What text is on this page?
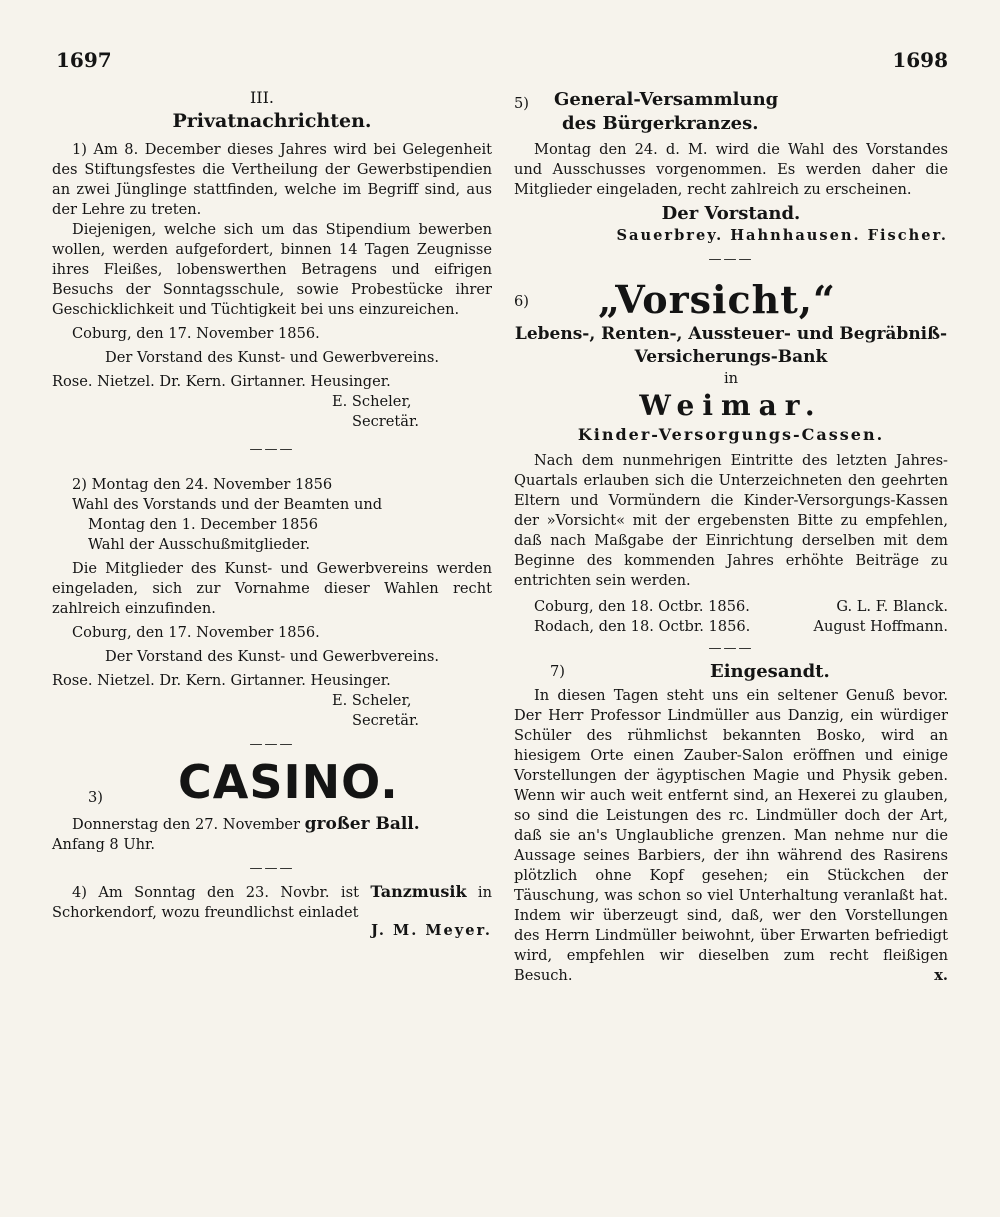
1697	1698

III.

Privatnachrichten.

1) Am 8. December dieses Jahres wird bei Gelegenheit des Stiftungsfestes die Vertheilung der Gewerbstipendien an zwei Jünglinge stattfinden, welche im Begriff sind, aus der Lehre zu treten.

Diejenigen, welche sich um das Stipendium bewerben wollen, werden aufgefordert, binnen 14 Tagen Zeugnisse ihres Fleißes, lobenswerthen Betragens und eifrigen Besuchs der Sonntagsschule, sowie Probestücke ihrer Geschicklichkeit und Tüchtigkeit bei uns einzureichen.

Coburg, den 17. November 1856.

Der Vorstand des Kunst- und Gewerbvereins.

Rose. Nietzel. Dr. Kern. Girtanner. Heusinger.

E. Scheler,

Secretär.

———

2) Montag den 24. November 1856

Wahl des Vorstands und der Beamten und

Montag den 1. December 1856

Wahl der Ausschußmitglieder.

Die Mitglieder des Kunst- und Gewerbvereins werden eingeladen, sich zur Vornahme dieser Wahlen recht zahlreich einzufinden.

Coburg, den 17. November 1856.

Der Vorstand des Kunst- und Gewerbvereins.

Rose. Nietzel. Dr. Kern. Girtanner. Heusinger.

E. Scheler,

Secretär.

———
3)	CASINO.

Donnerstag den 27. November großer Ball.

Anfang 8 Uhr.

———

4) Am Sonntag den 23. Novbr. ist Tanzmusik in Schorkendorf, wozu freundlichst einladet

J. M. Meyer.

5)	General-Versammlung

des Bürgerkranzes.

Montag den 24. d. M. wird die Wahl des Vorstandes und Ausschusses vorgenommen. Es werden daher die Mitglieder eingeladen, recht zahlreich zu erscheinen.

Der Vorstand.

Sauerbrey. Hahnhausen. Fischer.

———
6)	„Vorsicht,“

Lebens-, Renten-, Aussteuer- und Begräbniß-Versicherungs-Bank

in

Weimar.

Kinder-Versorgungs-Cassen.

Nach dem nunmehrigen Eintritte des letzten Jahres-Quartals erlauben sich die Unterzeichneten den geehrten Eltern und Vormündern die Kinder-Versorgungs-Kassen der »Vorsicht« mit der ergebensten Bitte zu empfehlen, daß nach Maßgabe der Einrichtung derselben mit dem Beginne des kommenden Jahres erhöhte Beiträge zu entrichten sein werden.

Coburg, den 18. Octbr. 1856.	G. L. F. Blanck.
Rodach, den 18. Octbr. 1856.	August Hoffmann.
———
7)	Eingesandt.

In diesen Tagen steht uns ein seltener Genuß bevor. Der Herr Professor Lindmüller aus Danzig, ein würdiger Schüler des rühmlichst bekannten Bosko, wird an hiesigem Orte einen Zauber-Salon eröffnen und einige Vorstellungen der ägyptischen Magie und Physik geben. Wenn wir auch weit entfernt sind, an Hexerei zu glauben, so sind die Leistungen des rc. Lindmüller doch der Art, daß sie an's Unglaubliche grenzen. Man nehme nur die Aussage seines Barbiers, der ihn während des Rasirens plötzlich ohne Kopf gesehen; ein Stückchen der Täuschung, was schon so viel Unterhaltung veranlaßt hat. Indem wir überzeugt sind, daß, wer den Vorstellungen des Herrn Lindmüller beiwohnt, über Erwarten befriedigt wird, empfehlen wir dieselben zum recht fleißigen Besuch.	x.
